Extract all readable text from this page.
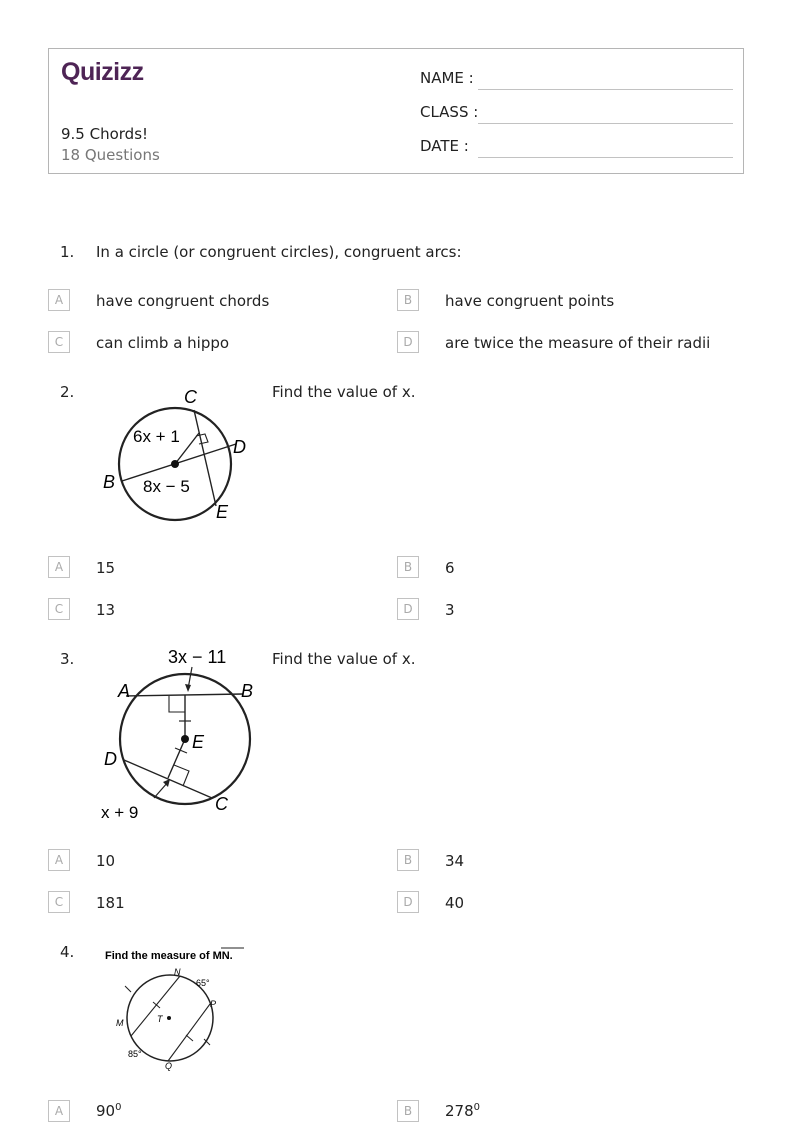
Quizizz
9.5 Chords!
18 Questions
NAME :
CLASS :
DATE :
1. In a circle (or congruent circles), congruent arcs:
A	have congruent chords	B	have congruent points
C	can climb a hippo	D	are twice the measure of their radii
2.	C
D
B
E
6x + 1
8x − 5
Find the value of x.
A	15	B	6
C	13	D	3
3.	3x − 11
A	B
E
D
C
x + 9
Find the value of x.
A	10	B	34
C	181	D	40
4.	Find the measure of MN.
N
65°
P
M	T
85°
Q
A	$90^0$	B	$278^0$
